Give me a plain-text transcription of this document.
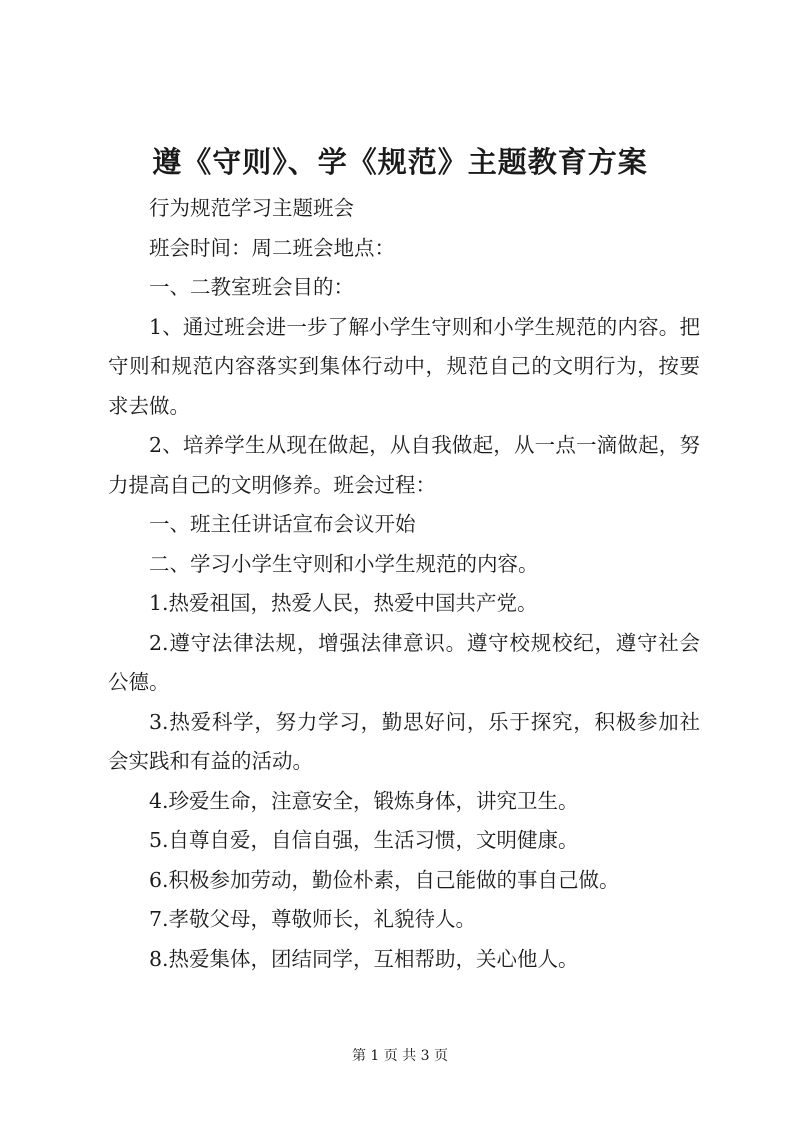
遵《守则》、学《规范》主题教育方案

行为规范学习主题班会

班会时间：周二班会地点：

一、二教室班会目的：

1、通过班会进一步了解小学生守则和小学生规范的内容。把守则和规范内容落实到集体行动中，规范自己的文明行为，按要求去做。

2、培养学生从现在做起，从自我做起，从一点一滴做起，努力提高自己的文明修养。班会过程：

一、班主任讲话宣布会议开始

二、学习小学生守则和小学生规范的内容。

1.热爱祖国，热爱人民，热爱中国共产党。

2.遵守法律法规，增强法律意识。遵守校规校纪，遵守社会公德。

3.热爱科学，努力学习，勤思好问，乐于探究，积极参加社会实践和有益的活动。

4.珍爱生命，注意安全，锻炼身体，讲究卫生。

5.自尊自爱，自信自强，生活习惯，文明健康。

6.积极参加劳动，勤俭朴素，自己能做的事自己做。

7.孝敬父母，尊敬师长，礼貌待人。

8.热爱集体，团结同学，互相帮助，关心他人。

第 1 页 共 3 页
